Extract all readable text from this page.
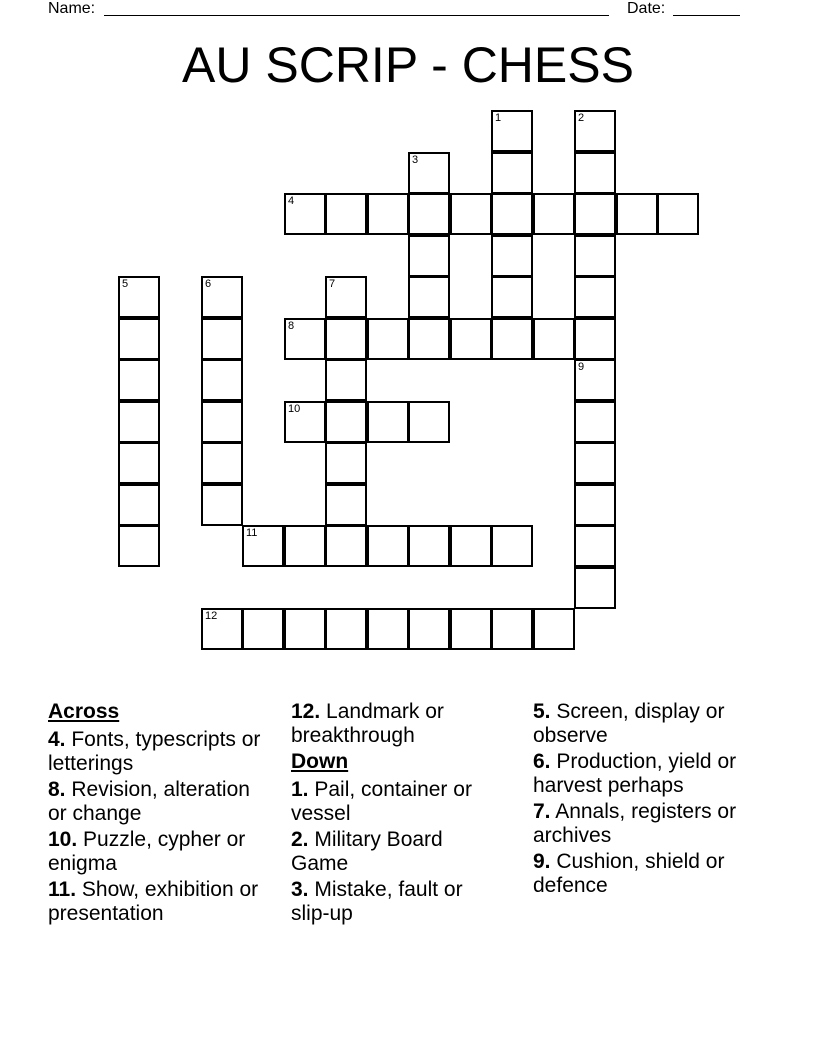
Name:	Date:
AU SCRIP - CHESS
1	2
3
4
5	6	7
8
9
10
11
12
Across
4. Fonts, typescripts or letterings
8. Revision, alteration or change
10. Puzzle, cypher or enigma
11. Show, exhibition or presentation
12. Landmark or breakthrough
Down
1. Pail, container or vessel
2. Military Board Game
3. Mistake, fault or slip-up
5. Screen, display or observe
6. Production, yield or harvest perhaps
7. Annals, registers or archives
9. Cushion, shield or defence
